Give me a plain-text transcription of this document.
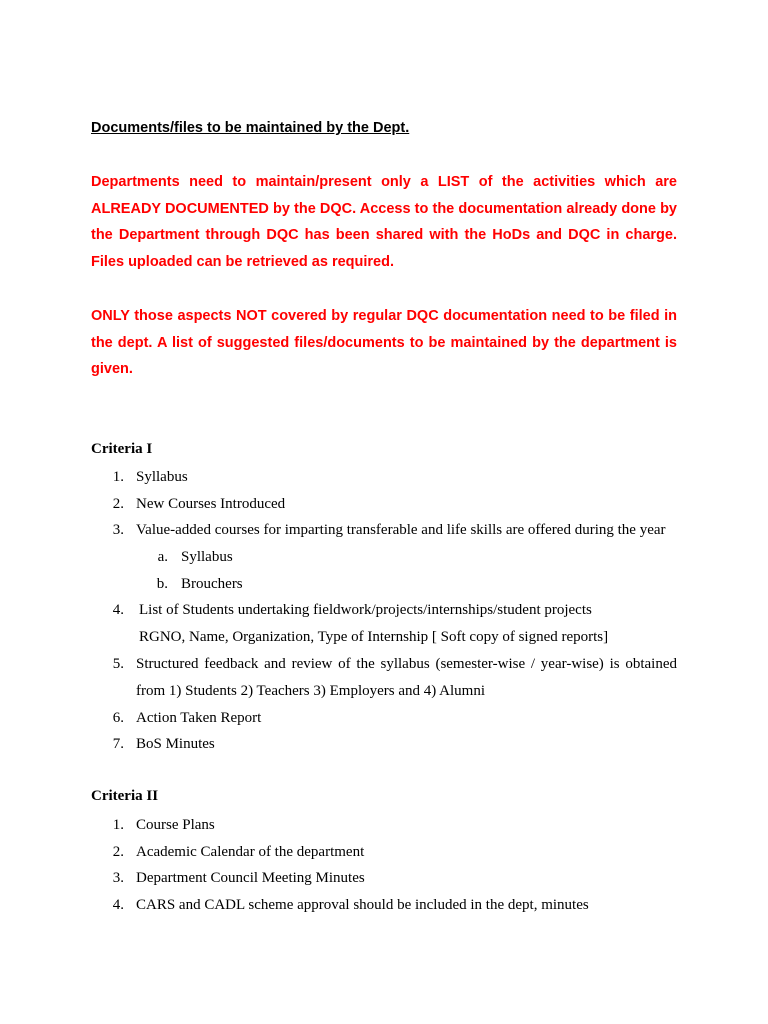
Documents/files to be maintained by the Dept.

Departments need to maintain/present only a LIST of the activities which are ALREADY DOCUMENTED by the DQC. Access to the documentation already done by the Department through DQC has been shared with the HoDs and DQC in charge. Files uploaded can be retrieved as required.

ONLY those aspects NOT covered by regular DQC documentation need to be filed in the dept. A list of suggested files/documents to be maintained by the department is given.

Criteria I
1. Syllabus
2. New Courses Introduced
3. Value-added courses for imparting transferable and life skills are offered during the year
a. Syllabus
b. Brouchers
4. List of Students undertaking fieldwork/projects/internships/student projects
RGNO, Name, Organization, Type of Internship [ Soft copy of signed reports]
5. Structured feedback and review of the syllabus (semester-wise / year-wise) is obtained
from 1) Students 2) Teachers 3) Employers and 4) Alumni
6. Action Taken Report
7. BoS Minutes
Criteria II
1. Course Plans
2. Academic Calendar of the department
3. Department Council Meeting Minutes
4. CARS and CADL scheme approval should be included in the dept, minutes
